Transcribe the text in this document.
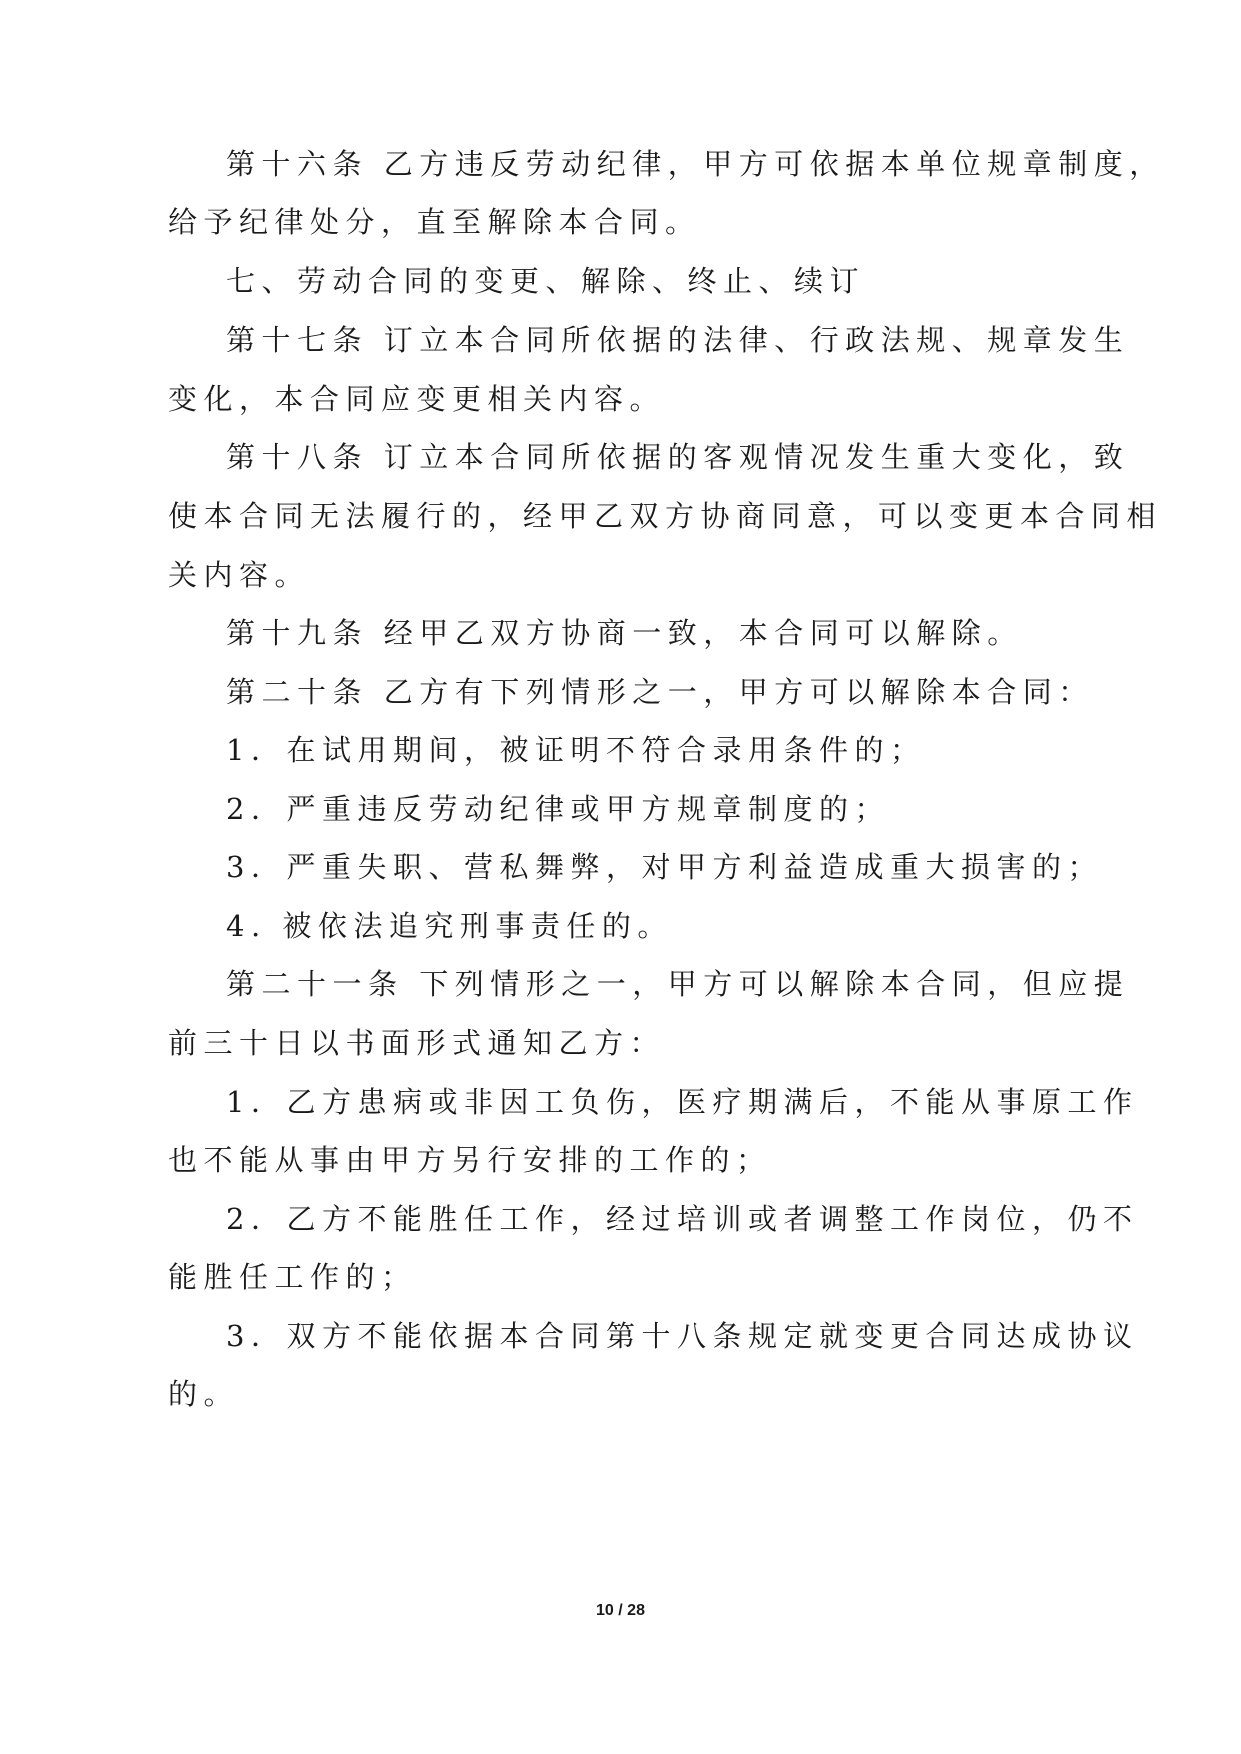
第十六条 乙方违反劳动纪律，甲方可依据本单位规章制度，
给予纪律处分，直至解除本合同。
七、劳动合同的变更、解除、终止、续订
第十七条 订立本合同所依据的法律、行政法规、规章发生
变化，本合同应变更相关内容。
第十八条 订立本合同所依据的客观情况发生重大变化，致
使本合同无法履行的，经甲乙双方协商同意，可以变更本合同相
关内容。
第十九条 经甲乙双方协商一致，本合同可以解除。
第二十条 乙方有下列情形之一，甲方可以解除本合同：
1．在试用期间，被证明不符合录用条件的；
2．严重违反劳动纪律或甲方规章制度的；
3．严重失职、营私舞弊，对甲方利益造成重大损害的；
4. 被依法追究刑事责任的。
第二十一条 下列情形之一，甲方可以解除本合同，但应提
前三十日以书面形式通知乙方：
1．乙方患病或非因工负伤，医疗期满后，不能从事原工作
也不能从事由甲方另行安排的工作的；
2．乙方不能胜任工作，经过培训或者调整工作岗位，仍不
能胜任工作的；
3．双方不能依据本合同第十八条规定就变更合同达成协议
的。
10 / 28
